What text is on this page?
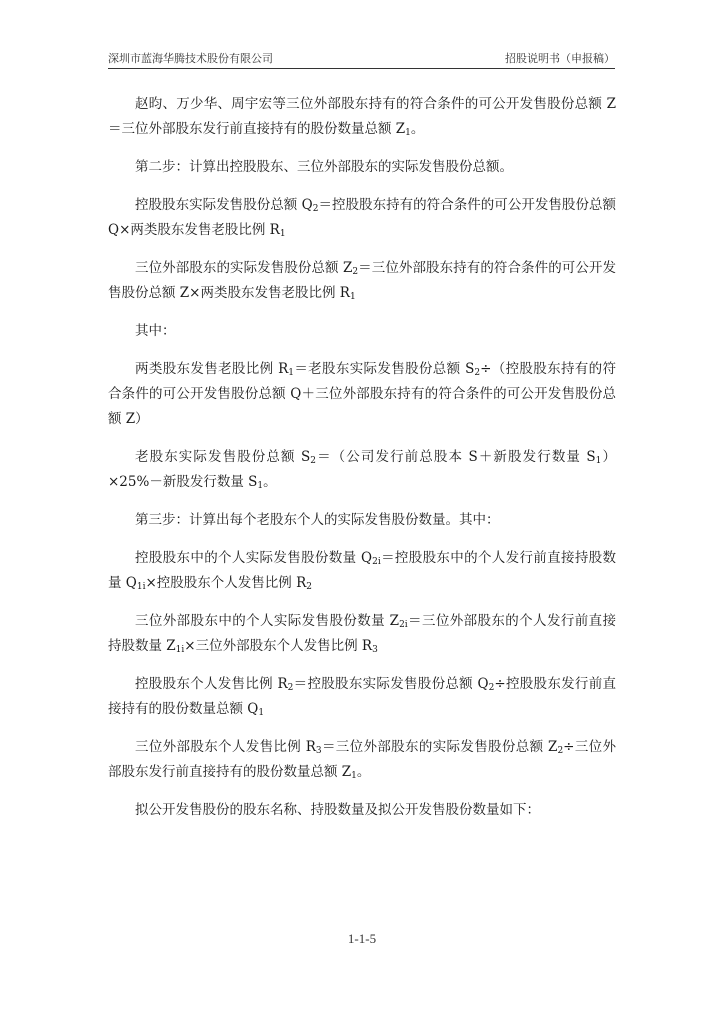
深圳市蓝海华腾技术股份有限公司	招股说明书（申报稿）

赵昀、万少华、周宇宏等三位外部股东持有的符合条件的可公开发售股份总额 Z＝三位外部股东发行前直接持有的股份数量总额 $Z_1$。

第二步：计算出控股股东、三位外部股东的实际发售股份总额。

控股股东实际发售股份总额 $Q_2=$控股股东持有的符合条件的可公开发售股份总额 Q×两类股东发售老股比例 $R_1$

三位外部股东的实际发售股份总额 $Z_2=$三位外部股东持有的符合条件的可公开发售股份总额 Z×两类股东发售老股比例 $R_1$

其中：

两类股东发售老股比例 $R_1=$老股东实际发售股份总额 $S_2\div$（控股股东持有的符合条件的可公开发售股份总额 Q＋三位外部股东持有的符合条件的可公开发售股份总额 Z）

老股东实际发售股份总额 $S_2=$（公司发行前总股本 S＋新股发行数量 $S_1)\times 25\%-$新股发行数量 $S_1$。

第三步：计算出每个老股东个人的实际发售股份数量。其中：

控股股东中的个人实际发售股份数量 $Q_{2i}=$控股股东中的个人发行前直接持股数量 $Q_{1i}\times$控股股东个人发售比例 $R_2$

三位外部股东中的个人实际发售股份数量 $Z_{2i}=$三位外部股东的个人发行前直接持股数量 $Z_{1i}\times$三位外部股东个人发售比例 $R_3$

控股股东个人发售比例 $R_2=$控股股东实际发售股份总额 $Q_2\div$控股股东发行前直接持有的股份数量总额 $Q_1$

三位外部股东个人发售比例 $R_3=$三位外部股东的实际发售股份总额 $Z_2\div$三位外部股东发行前直接持有的股份数量总额 $Z_1$。

拟公开发售股份的股东名称、持股数量及拟公开发售股份数量如下：

1-1-5
